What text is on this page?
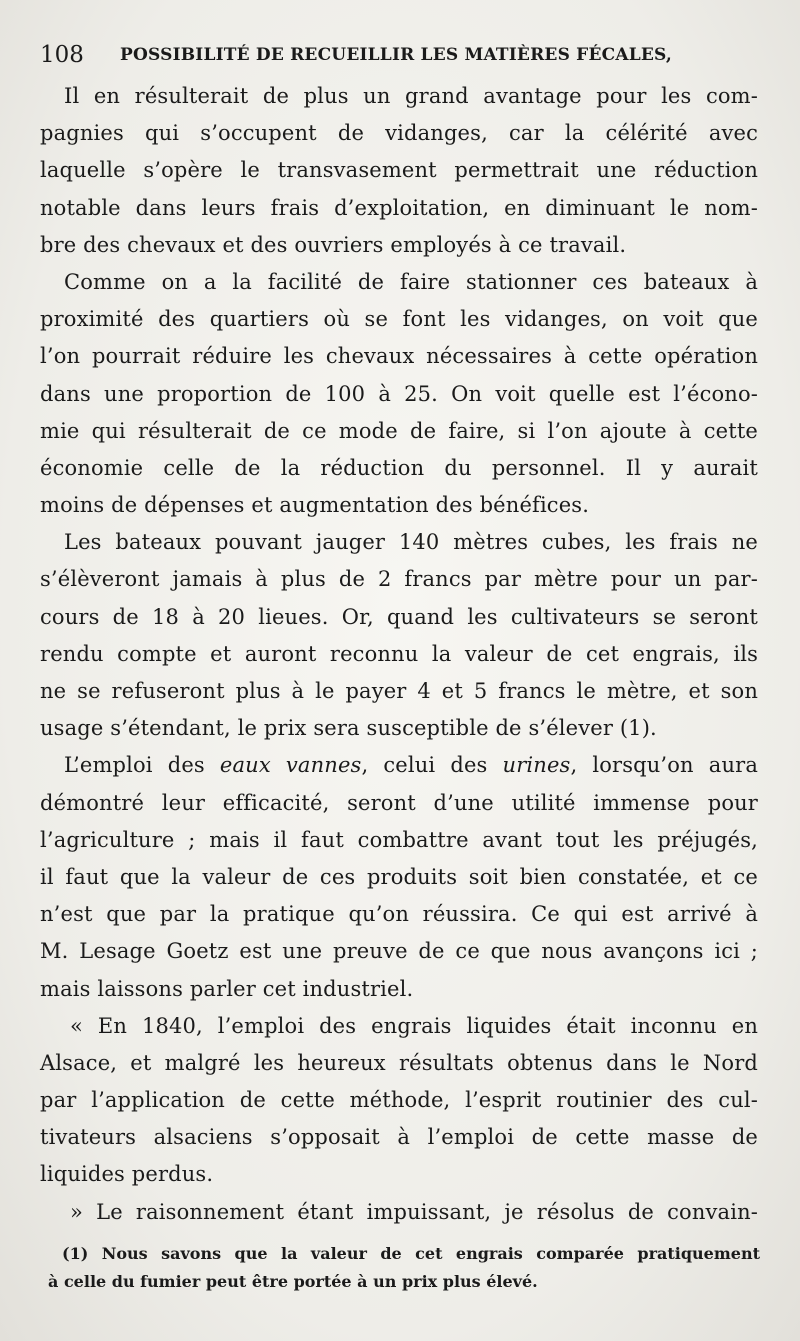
108 POSSIBILITÉ DE RECUEILLIR LES MATIÈRES FÉCALES,
Il en résulterait de plus un grand avantage pour les com-
pagnies qui s’occupent de vidanges, car la célérité avec
laquelle s’opère le transvasement permettrait une réduction
notable dans leurs frais d’exploitation, en diminuant le nom-
bre des chevaux et des ouvriers employés à ce travail.
Comme on a la facilité de faire stationner ces bateaux à
proximité des quartiers où se font les vidanges, on voit que
l’on pourrait réduire les chevaux nécessaires à cette opération
dans une proportion de 100 à 25. On voit quelle est l’écono-
mie qui résulterait de ce mode de faire, si l’on ajoute à cette
économie celle de la réduction du personnel. Il y aurait
moins de dépenses et augmentation des bénéfices.
Les bateaux pouvant jauger 140 mètres cubes, les frais ne
s’élèveront jamais à plus de 2 francs par mètre pour un par-
cours de 18 à 20 lieues. Or, quand les cultivateurs se seront
rendu compte et auront reconnu la valeur de cet engrais, ils
ne se refuseront plus à le payer 4 et 5 francs le mètre, et son
usage s’étendant, le prix sera susceptible de s’élever (1).
L’emploi des eaux vannes, celui des urines, lorsqu’on aura
démontré leur efficacité, seront d’une utilité immense pour
l’agriculture ; mais il faut combattre avant tout les préjugés,
il faut que la valeur de ces produits soit bien constatée, et ce
n’est que par la pratique qu’on réussira. Ce qui est arrivé à
M. Lesage Goetz est une preuve de ce que nous avançons ici ;
mais laissons parler cet industriel.
« En 1840, l’emploi des engrais liquides était inconnu en
Alsace, et malgré les heureux résultats obtenus dans le Nord
par l’application de cette méthode, l’esprit routinier des cul-
tivateurs alsaciens s’opposait à l’emploi de cette masse de
liquides perdus.
» Le raisonnement étant impuissant, je résolus de convain-
(1) Nous savons que la valeur de cet engrais comparée pratiquement
à celle du fumier peut être portée à un prix plus élevé.
